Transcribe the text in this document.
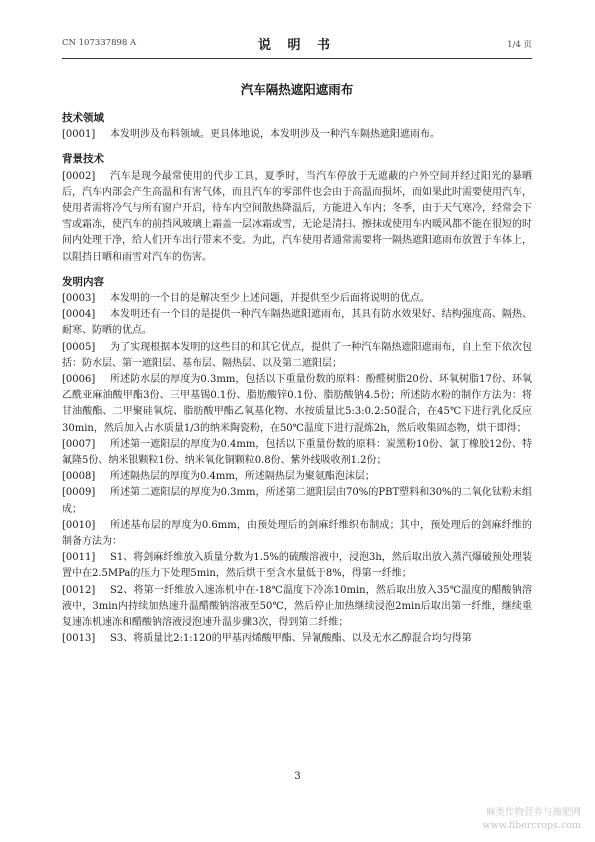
CN 107337898 A	说 明 书	1/4 页
汽车隔热遮阳遮雨布
技术领域

[0001] 本发明涉及布料领域。更具体地说，本发明涉及一种汽车隔热遮阳遮雨布。

背景技术

[0002] 汽车是现今最常使用的代步工具，夏季时，当汽车停放于无遮蔽的户外空间并经过阳光的暴晒后，汽车内部会产生高温和有害气体，而且汽车的零部件也会由于高温而损坏，而如果此时需要使用汽车，使用者需将冷气与所有窗户开启，待车内空间散热降温后，方能进入车内；冬季，由于天气寒冷，经常会下雪或霜冻，使汽车的前挡风玻璃上霜盖一层冰霜或雪，无论是清扫、擦抹或使用车内暖风都不能在很短的时间内处理干净，给人们开车出行带来不变。为此，汽车使用者通常需要将一隔热遮阳遮雨布放置于车体上，以阻挡日晒和雨雪对汽车的伤害。

发明内容

[0003] 本发明的一个目的是解决至少上述问题，并提供至少后面将说明的优点。

[0004] 本发明还有一个目的是提供一种汽车隔热遮阳遮雨布，其具有防水效果好、结构强度高、隔热、耐寒、防晒的优点。

[0005] 为了实现根据本发明的这些目的和其它优点，提供了一种汽车隔热遮阳遮雨布，自上至下依次包括：防水层、第一遮阳层、基布层、隔热层、以及第二遮阳层；

[0006] 所述防水层的厚度为0.3mm，包括以下重量份数的原料：酚醛树脂20份、环氧树脂17份、环氧乙酰亚麻油酸甲酯3份、三甲基锡0.1份、脂肪酸锌0.1份、脂肪酸钠4.5份；所述防水粉的制作方法为：将甘油酸酯、二甲聚硅氧烷、脂肪酸甲酯乙氧基化物、水按质量比5:3:0.2:50混合，在45℃下进行乳化反应30min，然后加入占水质量1/3的纳米陶瓷粉，在50℃温度下进行混炼2h，然后收集固态物，烘干即得；

[0007] 所述第一遮阳层的厚度为0.4mm，包括以下重量份数的原料：炭黑粉10份、氯丁橡胶12份、特氟隆5份、纳米银颗粒1份、纳米氧化铜颗粒0.8份、紫外线吸收剂1.2份；

[0008] 所述隔热层的厚度为0.4mm，所述隔热层为聚氨酯泡沫层；

[0009] 所述第二遮阳层的厚度为0.3mm，所述第二遮阳层由70%的PBT塑料和30%的二氧化钛粉末组成；

[0010] 所述基布层的厚度为0.6mm，由预处理后的剑麻纤维织布制成；其中，预处理后的剑麻纤维的制备方法为：

[0011] S1、将剑麻纤维放入质量分数为1.5%的硫酸溶液中，浸泡3h，然后取出放入蒸汽爆破预处理装置中在2.5MPa的压力下处理5min，然后烘干至含水量低于8%，得第一纤维；

[0012] S2、将第一纤维放入速冻机中在-18℃温度下冷冻10min，然后取出放入35℃温度的醋酸钠溶液中，3min内持续加热速升温醋酸钠溶液至50℃，然后停止加热继续浸泡2min后取出第一纤维，继续重复速冻机速冻和醋酸钠溶液浸泡速升温步骤3次，得到第二纤维；

[0013] S3、将质量比2:1:120的甲基丙烯酸甲酯、异氰酸酯、以及无水乙醇混合均匀得第

3
麻类作物营养与施肥网
www.fibercrops.com
